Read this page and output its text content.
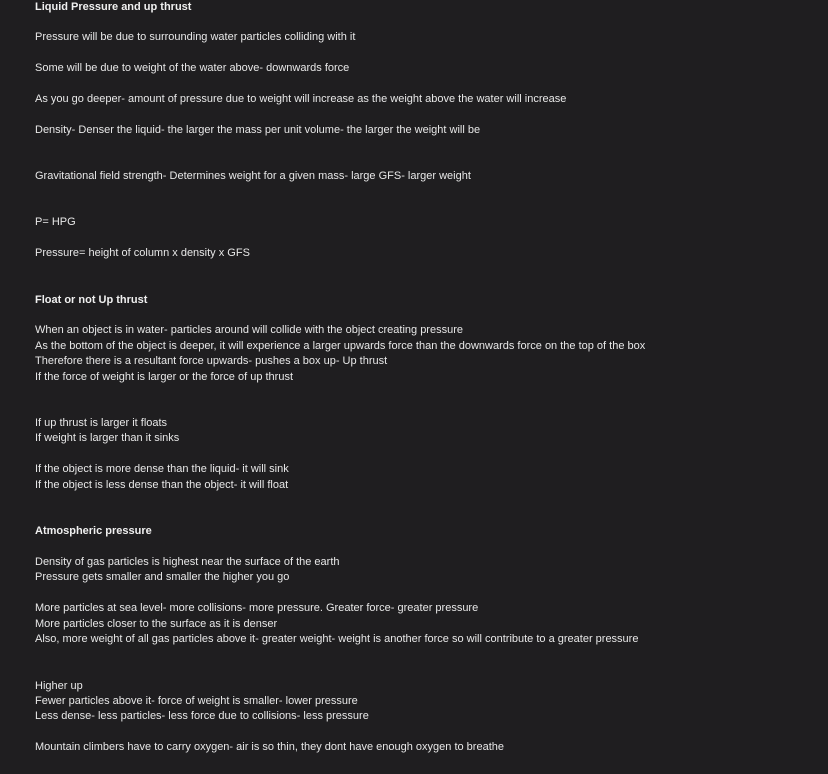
Liquid Pressure and up thrust
Pressure will be due to surrounding water particles colliding with it
Some will be due to weight of the water above- downwards force
As you go deeper- amount of pressure due to weight will increase as the weight above the water will increase
Density- Denser the liquid- the larger the mass per unit volume- the larger the weight will be
Gravitational field strength- Determines weight for a given mass- large GFS- larger weight
P= HPG
Pressure= height of column x density x GFS
Float or not Up thrust
When an object is in water- particles around will collide with the object creating pressure
As the bottom of the object is deeper, it will experience a larger upwards force than the downwards force on the top of the box
Therefore there is a resultant force upwards- pushes a box up- Up thrust
If the force of weight is larger or the force of up thrust
If up thrust is larger it floats
If weight is larger than it sinks
If the object is more dense than the liquid- it will sink
If the object is less dense than the object- it will float
Atmospheric pressure
Density of gas particles is highest near the surface of the earth
Pressure gets smaller and smaller the higher you go
More particles at sea level- more collisions- more pressure. Greater force- greater pressure
More particles closer to the surface as it is denser
Also, more weight of all gas particles above it- greater weight- weight is another force so will contribute to a greater pressure
Higher up
Fewer particles above it- force of weight is smaller- lower pressure
Less dense- less particles- less force due to collisions- less pressure
Mountain climbers have to carry oxygen- air is so thin, they dont have enough oxygen to breathe
